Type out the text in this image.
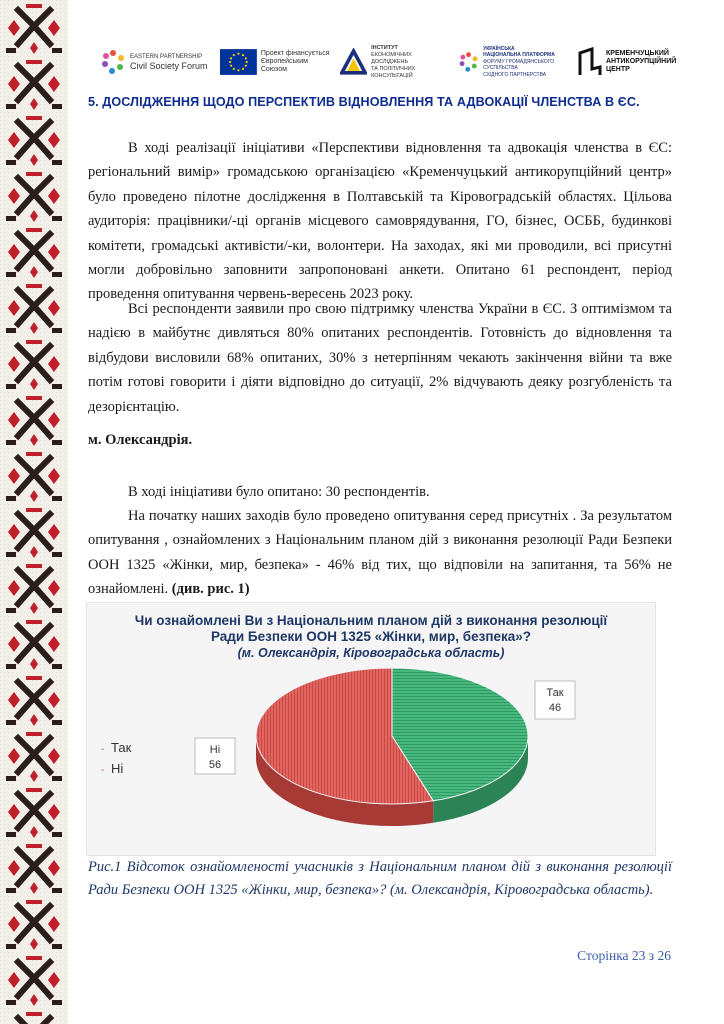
EASTERN PARTNERSHIP
Civil Society Forum
Проект фінансується
Європейським Союзом
ІНСТИТУТ
ЕКОНОМІЧНИХ ДОСЛІДЖЕНЬ
ТА ПОЛІТИЧНИХ КОНСУЛЬТАЦІЙ
УКРАЇНСЬКА
НАЦІОНАЛЬНА ПЛАТФОРМА
ФОРУМУ ГРОМАДЯНСЬКОГО СУСПІЛЬСТВА
СХІДНОГО ПАРТНЕРСТВА
КРЕМЕНЧУЦЬКИЙ
АНТИКОРУПЦІЙНИЙ
ЦЕНТР
5. ДОСЛІДЖЕННЯ ЩОДО ПЕРСПЕКТИВ ВІДНОВЛЕННЯ ТА АДВОКАЦІЇ ЧЛЕНСТВА В ЄС.

В ході реалізації ініціативи «Перспективи відновлення та адвокація членства в ЄС: регіональний вимір» громадською організацією «Кременчуцький антикорупційний центр» було проведено пілотне дослідження в Полтавській та Кіровоградській областях. Цільова аудиторія: працівники/-ці органів місцевого самоврядування, ГО, бізнес, ОСББ, будинкові комітети, громадські активісти/-ки, волонтери. На заходах, які ми проводили, всі присутні могли добровільно заповнити запропоновані анкети. Опитано 61 респондент, період проведення опитування червень-вересень 2023 року.

Всі респонденти заявили про свою підтримку членства України в ЄС. З оптимізмом та надією в майбутнє дивляться 80% опитаних респондентів. Готовність до відновлення та відбудови висловили 68% опитаних, 30% з нетерпінням чекають закінчення війни та вже потім готові говорити і діяти відповідно до ситуації, 2% відчувають деяку розгубленість та дезорієнтацію.

м. Олександрія.

В ході ініціативи було опитано: 30 респондентів.

На початку наших заходів було проведено опитування серед присутніх . За результатом опитування , ознайомлених з Національним планом дій з виконання резолюції Ради Безпеки ООН 1325 «Жінки, мир, безпека» - 46% від тих, що відповіли на запитання, та 56% не ознайомлені. (див. рис. 1)

Чи ознайомлені Ви з Національним планом дій з виконання резолюції
Ради Безпеки ООН 1325 «Жінки, мир, безпека»?
(м. Олександрія, Кіровоградська область)
- Так
- Ні
Так
46
Ні
56

Рис.1 Відсоток ознайомленості учасників з Національним планом дій з виконання резолюції Ради Безпеки ООН 1325 «Жінки, мир, безпека»? (м. Олександрія, Кіровоградська область).

Сторінка 23 з 26
